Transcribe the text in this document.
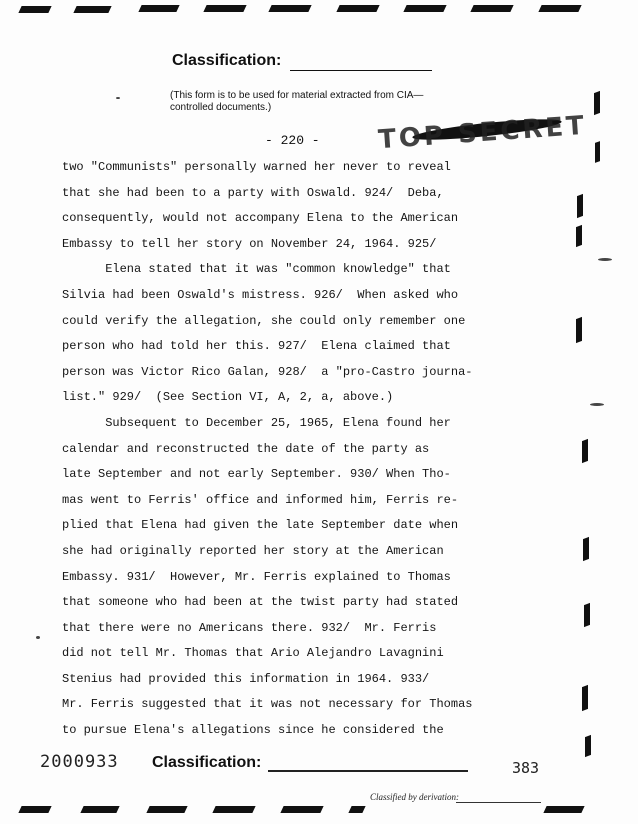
Classification:
(This form is to be used for material extracted from CIA—controlled documents.)
- 220 - TOP SECRET
two "Communists" personally warned her never to reveal
that she had been to a party with Oswald. 924/  Deba,
consequently, would not accompany Elena to the American
Embassy to tell her story on November 24, 1964. 925/
Elena stated that it was "common knowledge" that
Silvia had been Oswald's mistress. 926/  When asked who
could verify the allegation, she could only remember one
person who had told her this. 927/  Elena claimed that
person was Victor Rico Galan, 928/  a "pro-Castro journa-
list." 929/  (See Section VI, A, 2, a, above.)
Subsequent to December 25, 1965, Elena found her
calendar and reconstructed the date of the party as
late September and not early September. 930/ When Tho-
mas went to Ferris' office and informed him, Ferris re-
plied that Elena had given the late September date when
she had originally reported her story at the American
Embassy. 931/  However, Mr. Ferris explained to Thomas
that someone who had been at the twist party had stated
that there were no Americans there. 932/  Mr. Ferris
did not tell Mr. Thomas that Ario Alejandro Lavagnini
Stenius had provided this information in 1964. 933/
Mr. Ferris suggested that it was not necessary for Thomas
to pursue Elena's allegations since he considered the
2000933 Classification:	383
Classified by derivation:
